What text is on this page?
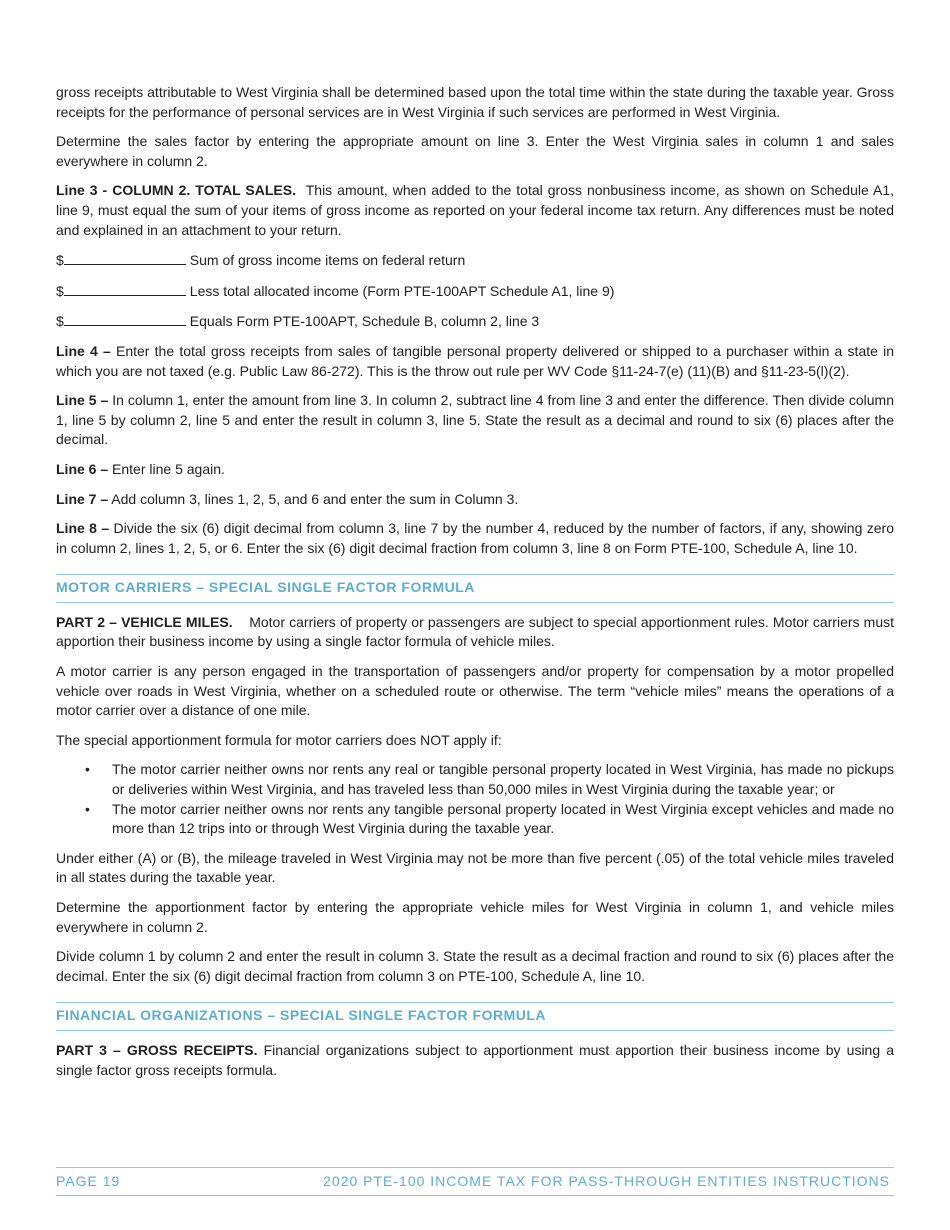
gross receipts attributable to West Virginia shall be determined based upon the total time within the state during the taxable year. Gross receipts for the performance of personal services are in West Virginia if such services are performed in West Virginia.

Determine the sales factor by entering the appropriate amount on line 3. Enter the West Virginia sales in column 1 and sales everywhere in column 2.

Line 3 - COLUMN 2. TOTAL SALES. This amount, when added to the total gross nonbusiness income, as shown on Schedule A1, line 9, must equal the sum of your items of gross income as reported on your federal income tax return. Any differences must be noted and explained in an attachment to your return.

$	Sum of gross income items on federal return
$	Less total allocated income (Form PTE-100APT Schedule A1, line 9)
$	Equals Form PTE-100APT, Schedule B, column 2, line 3

Line 4 – Enter the total gross receipts from sales of tangible personal property delivered or shipped to a purchaser within a state in which you are not taxed (e.g. Public Law 86-272). This is the throw out rule per WV Code §11-24-7(e) (11)(B) and §11-23-5(l)(2).

Line 5 – In column 1, enter the amount from line 3. In column 2, subtract line 4 from line 3 and enter the difference. Then divide column 1, line 5 by column 2, line 5 and enter the result in column 3, line 5. State the result as a decimal and round to six (6) places after the decimal.

Line 6 – Enter line 5 again.

Line 7 – Add column 3, lines 1, 2, 5, and 6 and enter the sum in Column 3.

Line 8 – Divide the six (6) digit decimal from column 3, line 7 by the number 4, reduced by the number of factors, if any, showing zero in column 2, lines 1, 2, 5, or 6. Enter the six (6) digit decimal fraction from column 3, line 8 on Form PTE-100, Schedule A, line 10.

MOTOR CARRIERS – SPECIAL SINGLE FACTOR FORMULA

PART 2 – VEHICLE MILES. Motor carriers of property or passengers are subject to special apportionment rules. Motor carriers must apportion their business income by using a single factor formula of vehicle miles.

A motor carrier is any person engaged in the transportation of passengers and/or property for compensation by a motor propelled vehicle over roads in West Virginia, whether on a scheduled route or otherwise. The term “vehicle miles” means the operations of a motor carrier over a distance of one mile.

The special apportionment formula for motor carriers does NOT apply if:

• The motor carrier neither owns nor rents any real or tangible personal property located in West Virginia, has made no pickups or deliveries within West Virginia, and has traveled less than 50,000 miles in West Virginia during the taxable year; or
• The motor carrier neither owns nor rents any tangible personal property located in West Virginia except vehicles and made no more than 12 trips into or through West Virginia during the taxable year.

Under either (A) or (B), the mileage traveled in West Virginia may not be more than five percent (.05) of the total vehicle miles traveled in all states during the taxable year.

Determine the apportionment factor by entering the appropriate vehicle miles for West Virginia in column 1, and vehicle miles everywhere in column 2.

Divide column 1 by column 2 and enter the result in column 3. State the result as a decimal fraction and round to six (6) places after the decimal. Enter the six (6) digit decimal fraction from column 3 on PTE-100, Schedule A, line 10.

FINANCIAL ORGANIZATIONS – SPECIAL SINGLE FACTOR FORMULA

PART 3 – GROSS RECEIPTS. Financial organizations subject to apportionment must apportion their business income by using a single factor gross receipts formula.

PAGE 19	2020 PTE-100 INCOME TAX FOR PASS-THROUGH ENTITIES INSTRUCTIONS
